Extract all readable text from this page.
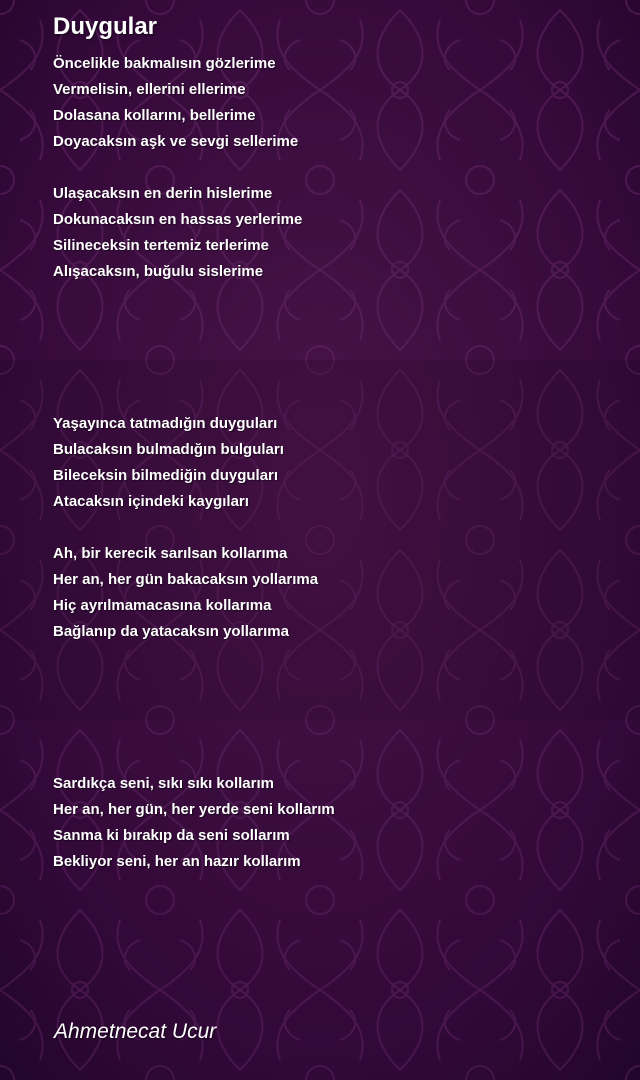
Duygular
Öncelikle bakmalısın gözlerime
Vermelisin, ellerini ellerime
Dolasana kollarını, bellerime
Doyacaksın aşk ve sevgi sellerime
Ulaşacaksın en derin hislerime
Dokunacaksın en hassas yerlerime
Silineceksin tertemiz terlerime
Alışacaksın, buğulu sislerime
Yaşayınca tatmadığın duyguları
Bulacaksın bulmadığın bulguları
Bileceksin bilmediğin duyguları
Atacaksın içindeki kaygıları
Ah, bir kerecik sarılsan kollarıma
Her an, her gün bakacaksın yollarıma
Hiç ayrılmamacasına kollarıma
Bağlanıp da yatacaksın yollarıma
Sardıkça seni, sıkı sıkı kollarım
Her an, her gün, her yerde seni kollarım
Sanma ki bırakıp da seni sollarım
Bekliyor seni, her an hazır kollarım

Ahmetnecat Ucur
